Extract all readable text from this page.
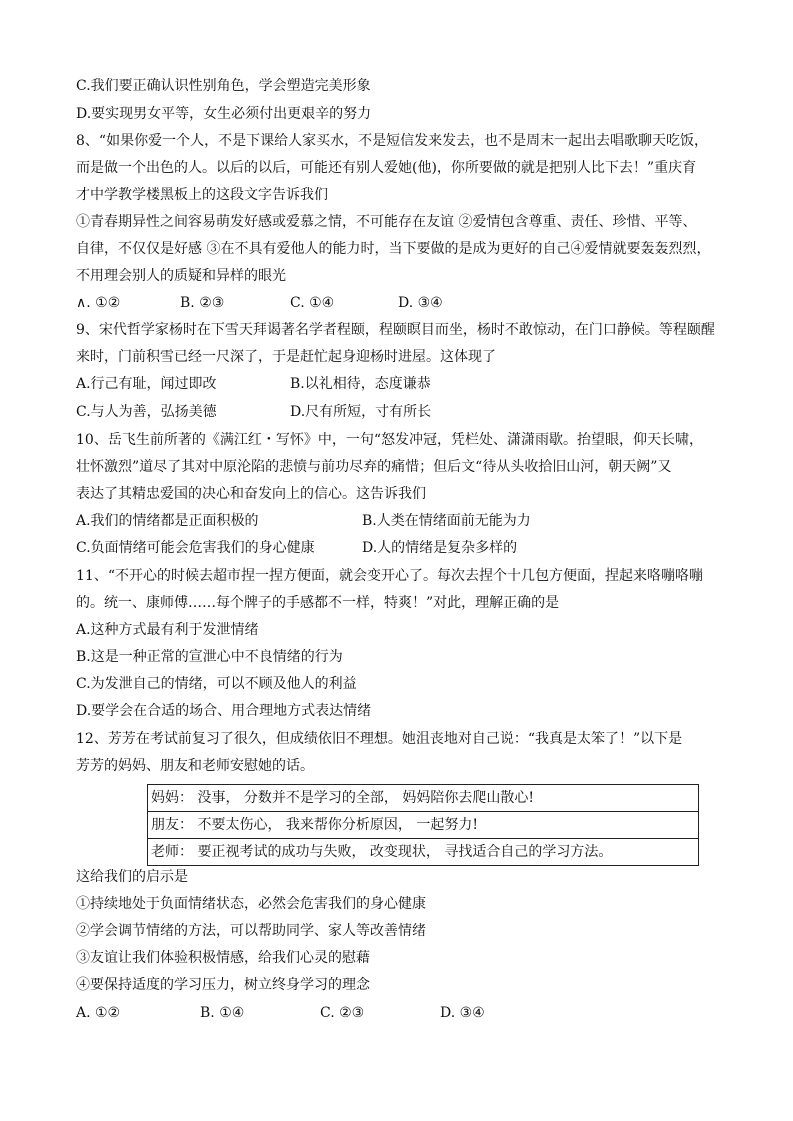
C.我们要正确认识性别角色，学会塑造完美形象
D.要实现男女平等，女生必须付出更艰辛的努力
8、“如果你爱一个人，不是下课给人家买水，不是短信发来发去，也不是周末一起出去唱歌聊天吃饭，
而是做一个出色的人。以后的以后，可能还有别人爱她(他)，你所要做的就是把别人比下去！”重庆育
才中学教学楼黑板上的这段文字告诉我们
①青春期异性之间容易萌发好感或爱慕之情，不可能存在友谊 ②爱情包含尊重、责任、珍惜、平等、
自律，不仅仅是好感 ③在不具有爱他人的能力时，当下要做的是成为更好的自己④爱情就要轰轰烈烈，
不用理会别人的质疑和异样的眼光
∧. ①②	B. ②③	C. ①④	D. ③④
9、宋代哲学家杨时在下雪天拜谒著名学者程颐，程颐瞑目而坐，杨时不敢惊动，在门口静候。等程颐醒
来时，门前积雪已经一尺深了，于是赶忙起身迎杨时进屋。这体现了
A.行己有耻，闻过即改	B.以礼相待，态度谦恭
C.与人为善，弘扬美德	D.尺有所短，寸有所长
10、岳飞生前所著的《满江红・写怀》中，一句“怒发冲冠，凭栏处、潇潇雨歇。抬望眼，仰天长啸，
壮怀激烈”道尽了其对中原沦陷的悲愤与前功尽弃的痛惜；但后文“待从头收拾旧山河，朝天阙”又
表达了其精忠爱国的决心和奋发向上的信心。这告诉我们
A.我们的情绪都是正面积极的	B.人类在情绪面前无能为力
C.负面情绪可能会危害我们的身心健康	D.人的情绪是复杂多样的
11、“不开心的时候去超市捏一捏方便面，就会变开心了。每次去捏个十几包方便面，捏起来咯嘣咯嘣
的。统一、康师傅……每个牌子的手感都不一样，特爽！”对此，理解正确的是
A.这种方式最有利于发泄情绪
B.这是一种正常的宣泄心中不良情绪的行为
C.为发泄自己的情绪，可以不顾及他人的利益
D.要学会在合适的场合、用合理地方式表达情绪
12、芳芳在考试前复习了很久，但成绩依旧不理想。她沮丧地对自己说：“我真是太笨了！”以下是
芳芳的妈妈、朋友和老师安慰她的话。
妈妈： 没事， 分数并不是学习的全部， 妈妈陪你去爬山散心!
朋友： 不要太伤心， 我来帮你分析原因， 一起努力!
老师： 要正视考试的成功与失败， 改变现状， 寻找适合自己的学习方法。
这给我们的启示是
①持续地处于负面情绪状态，必然会危害我们的身心健康
②学会调节情绪的方法，可以帮助同学、家人等改善情绪
③友谊让我们体验积极情感，给我们心灵的慰藉
④要保持适度的学习压力，树立终身学习的理念
A. ①②	B. ①④	C. ②③	D. ③④
